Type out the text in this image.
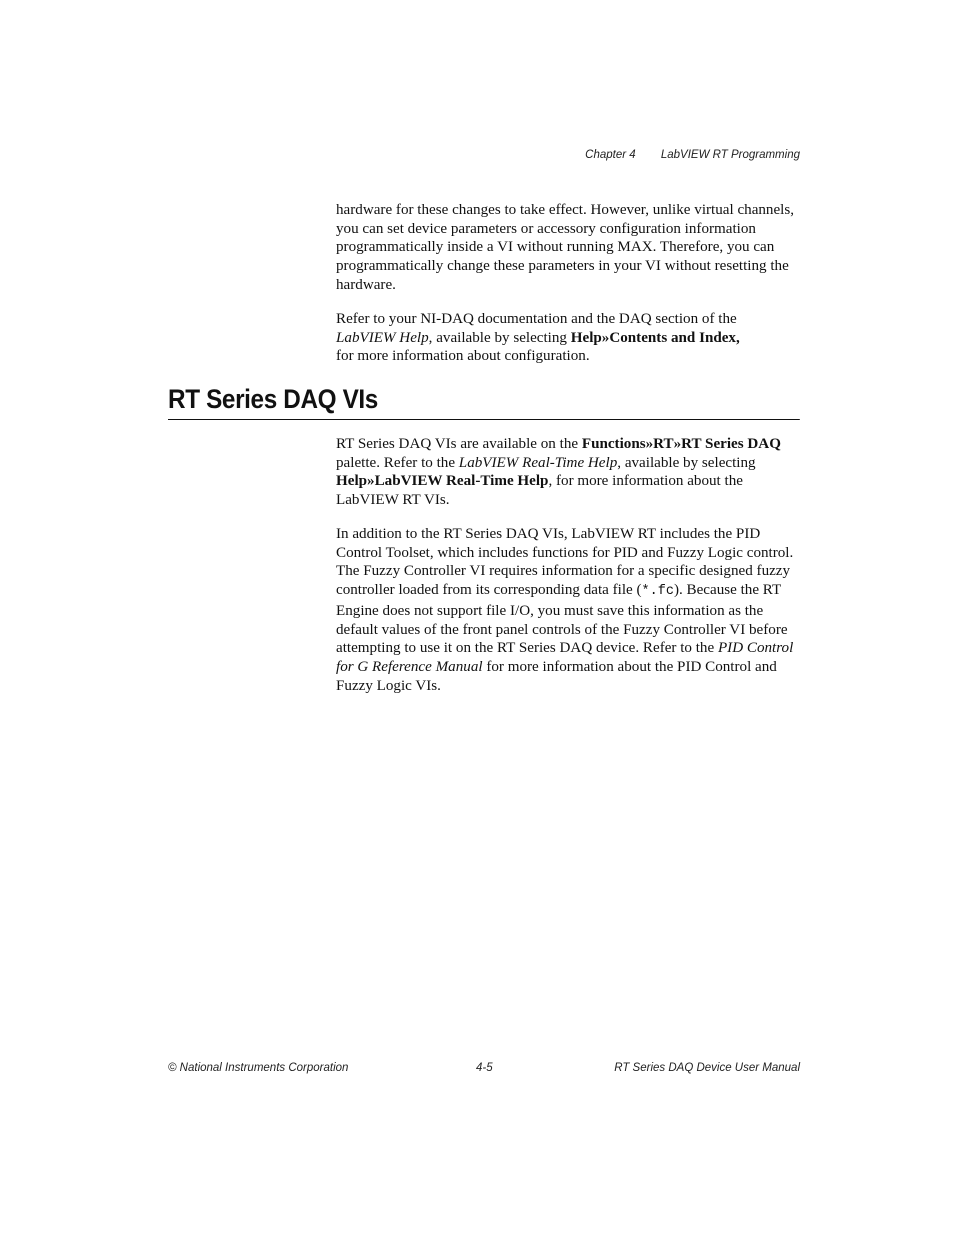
Chapter 4 LabVIEW RT Programming

hardware for these changes to take effect. However, unlike virtual channels, you can set device parameters or accessory configuration information programmatically inside a VI without running MAX. Therefore, you can programmatically change these parameters in your VI without resetting the hardware.

Refer to your NI-DAQ documentation and the DAQ section of the LabVIEW Help, available by selecting Help»Contents and Index,
for more information about configuration.

RT Series DAQ VIs

RT Series DAQ VIs are available on the Functions»RT»RT Series DAQ palette. Refer to the LabVIEW Real-Time Help, available by selecting Help»LabVIEW Real-Time Help, for more information about the LabVIEW RT VIs.

In addition to the RT Series DAQ VIs, LabVIEW RT includes the PID Control Toolset, which includes functions for PID and Fuzzy Logic control. The Fuzzy Controller VI requires information for a specific designed fuzzy controller loaded from its corresponding data file (*.fc). Because the RT Engine does not support file I/O, you must save this information as the default values of the front panel controls of the Fuzzy Controller VI before attempting to use it on the RT Series DAQ device. Refer to the PID Control for G Reference Manual for more information about the PID Control and Fuzzy Logic VIs.

© National Instruments Corporation	4-5	RT Series DAQ Device User Manual
